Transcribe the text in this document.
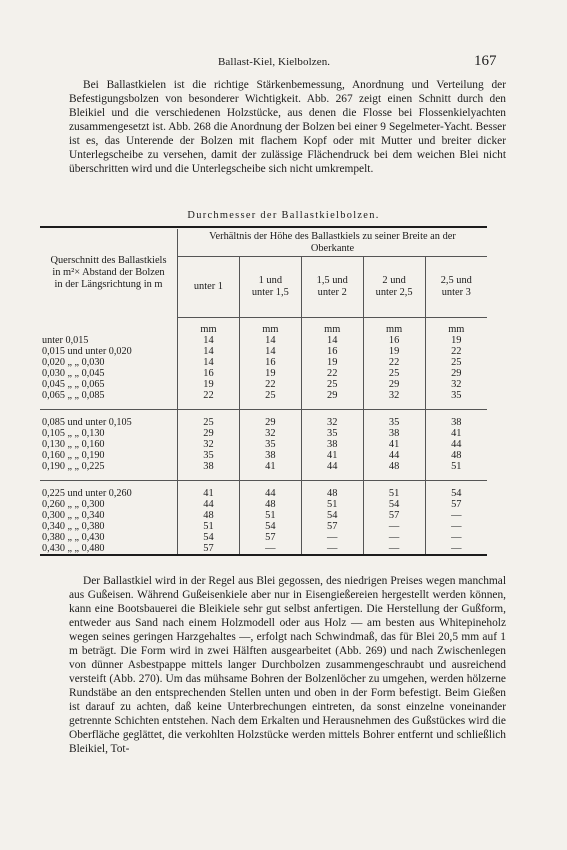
Ballast-Kiel, Kielbolzen.	167

Bei Ballastkielen ist die richtige Stärkenbemessung, Anordnung und Verteilung der Befestigungsbolzen von besonderer Wichtigkeit. Abb. 267 zeigt einen Schnitt durch den Bleikiel und die verschiedenen Holzstücke, aus denen die Flosse bei Flossenkielyachten zusammengesetzt ist. Abb. 268 die Anordnung der Bolzen bei einer 9 Segelmeter-Yacht. Besser ist es, das Unterende der Bolzen mit flachem Kopf oder mit Mutter und breiter dicker Unterlegscheibe zu versehen, damit der zulässige Flächendruck bei dem weichen Blei nicht überschritten wird und die Unterlegscheibe sich nicht umkrempelt.

Durchmesser der Ballastkielbolzen.
Querschnitt des Ballastkiels in m²× Abstand der Bolzen in der Längsrichtung in m	Verhältnis der Höhe des Ballastkiels zu seiner Breite an der Oberkante				
	unter 1	1 und unter 1,5	1,5 und unter 2	2 und unter 2,5	2,5 und unter 3
	mm	mm	mm	mm	mm
unter 0,015	14	14	14	16	19
0,015 und unter 0,020	14	14	16	19	22
0,020 „ „ 0,030	14	16	19	22	25
0,030 „ „ 0,045	16	19	22	25	29
0,045 „ „ 0,065	19	22	25	29	32
0,065 „ „ 0,085	22	25	29	32	35
0,085 und unter 0,105	25	29	32	35	38
0,105 „ „ 0,130	29	32	35	38	41
0,130 „ „ 0,160	32	35	38	41	44
0,160 „ „ 0,190	35	38	41	44	48
0,190 „ „ 0,225	38	41	44	48	51
0,225 und unter 0,260	41	44	48	51	54
0,260 „ „ 0,300	44	48	51	54	57
0,300 „ „ 0,340	48	51	54	57	—
0,340 „ „ 0,380	51	54	57	—	—
0,380 „ „ 0,430	54	57	—	—	—
0,430 „ „ 0,480	57	—	—	—	—

Der Ballastkiel wird in der Regel aus Blei gegossen, des niedrigen Preises wegen manchmal aus Gußeisen. Während Gußeisenkiele aber nur in Eisengießereien hergestellt werden können, kann eine Bootsbauerei die Bleikiele sehr gut selbst anfertigen. Die Herstellung der Gußform, entweder aus Sand nach einem Holzmodell oder aus Holz — am besten aus Whitepineholz wegen seines geringen Harzgehaltes —, erfolgt nach Schwindmaß, das für Blei 20,5 mm auf 1 m beträgt. Die Form wird in zwei Hälften ausgearbeitet (Abb. 269) und nach Zwischenlegen von dünner Asbestpappe mittels langer Durchbolzen zusammengeschraubt und ausreichend versteift (Abb. 270). Um das mühsame Bohren der Bolzenlöcher zu umgehen, werden hölzerne Rundstäbe an den entsprechenden Stellen unten und oben in der Form befestigt. Beim Gießen ist darauf zu achten, daß keine Unterbrechungen eintreten, da sonst einzelne voneinander getrennte Schichten entstehen. Nach dem Erkalten und Herausnehmen des Gußstückes wird die Oberfläche geglättet, die verkohlten Holzstücke werden mittels Bohrer entfernt und schließlich Bleikiel, Tot-
